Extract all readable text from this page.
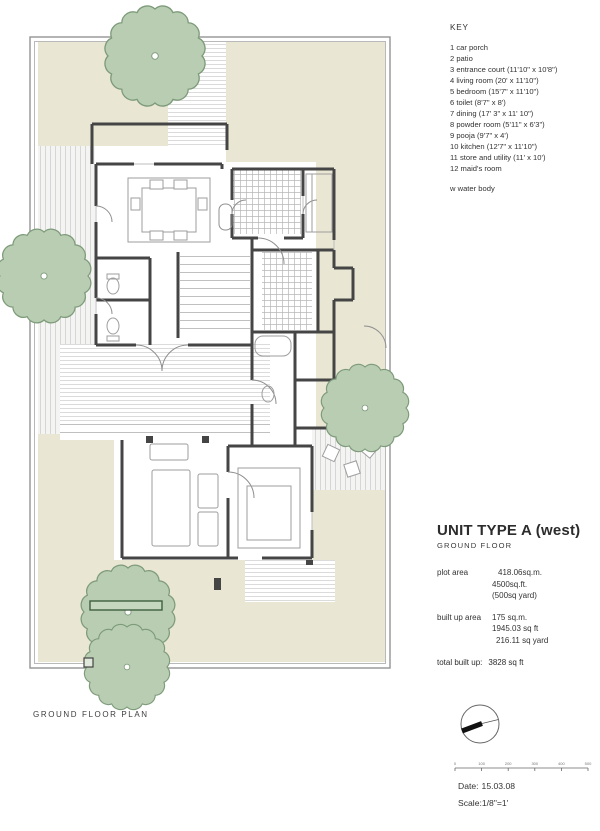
KEY
1 car porch
2 patio
3 entrance court (11'10" x 10'8")
4 living room (20' x 11'10")
5 bedroom (15'7" x 11'10")
6 toilet (8'7" x 8')
7 dining (17' 3" x 11' 10")
8 powder room (5'11" x 6'3")
9 pooja (9'7" x 4')
10 kitchen (12'7" x 11'10")
11 store and utility (11' x 10')
12 maid's room
w water body
UNIT TYPE A (west)
GROUND FLOOR
plot area	418.06sq.m.
4500sq.ft.
(500sq yard)
built up area	175 sq.m.
1945.03 sq ft
216.11 sq yard
total built up: 3828 sq ft
GROUND FLOOR PLAN
0	100	200	300	400	500
Date: 15.03.08
Scale:1/8"=1'
